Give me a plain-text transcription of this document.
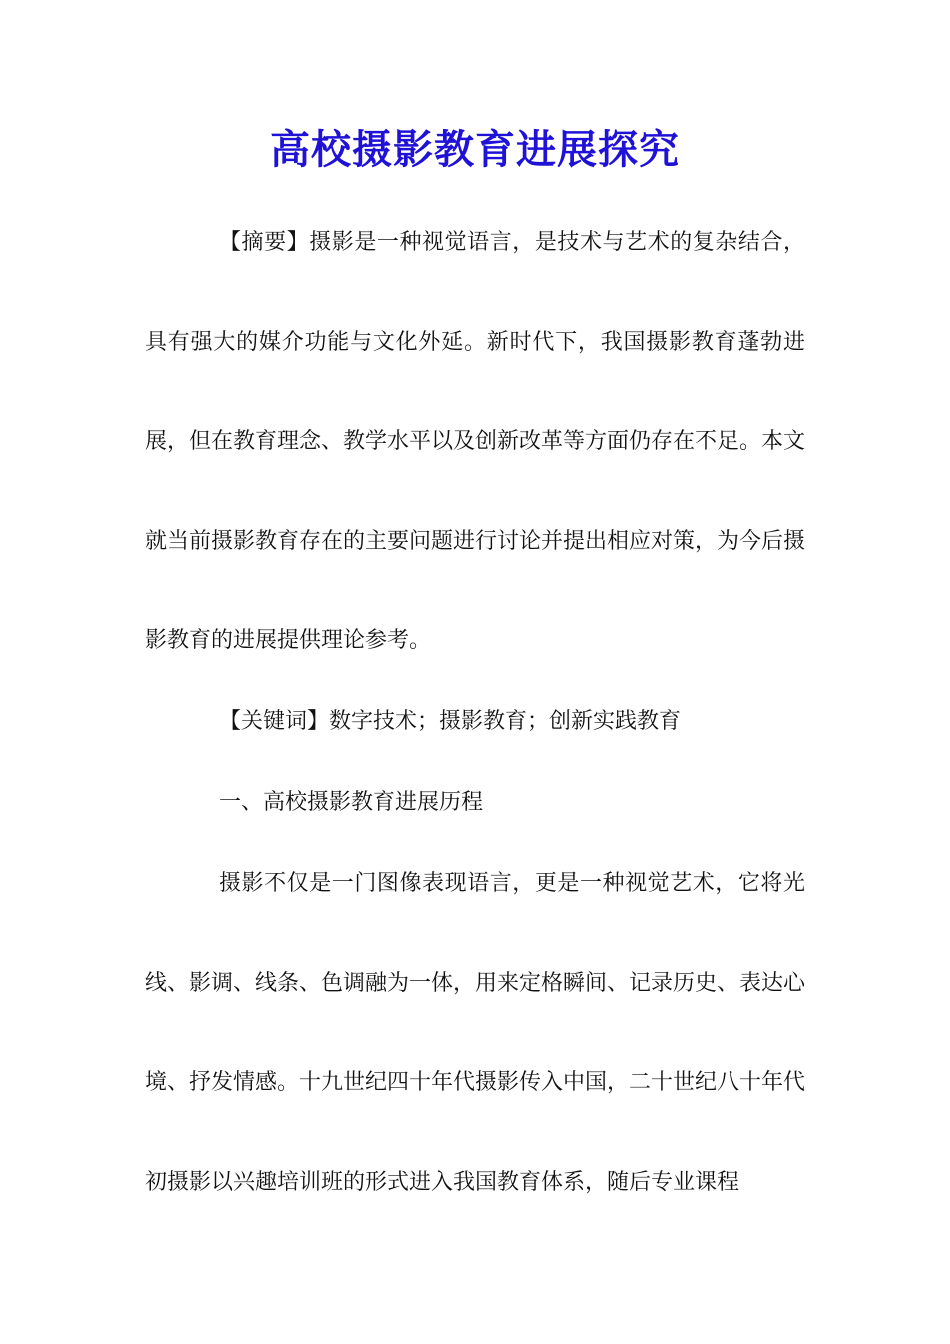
高校摄影教育进展探究

【摘要】摄影是一种视觉语言，是技术与艺术的复杂结合，具有强大的媒介功能与文化外延。新时代下，我国摄影教育蓬勃进展，但在教育理念、教学水平以及创新改革等方面仍存在不足。本文就当前摄影教育存在的主要问题进行讨论并提出相应对策，为今后摄影教育的进展提供理论参考。

【关键词】数字技术；摄影教育；创新实践教育

一、高校摄影教育进展历程

摄影不仅是一门图像表现语言，更是一种视觉艺术，它将光线、影调、线条、色调融为一体，用来定格瞬间、记录历史、表达心境、抒发情感。十九世纪四十年代摄影传入中国，二十世纪八十年代初摄影以兴趣培训班的形式进入我国教育体系，随后专业课程
